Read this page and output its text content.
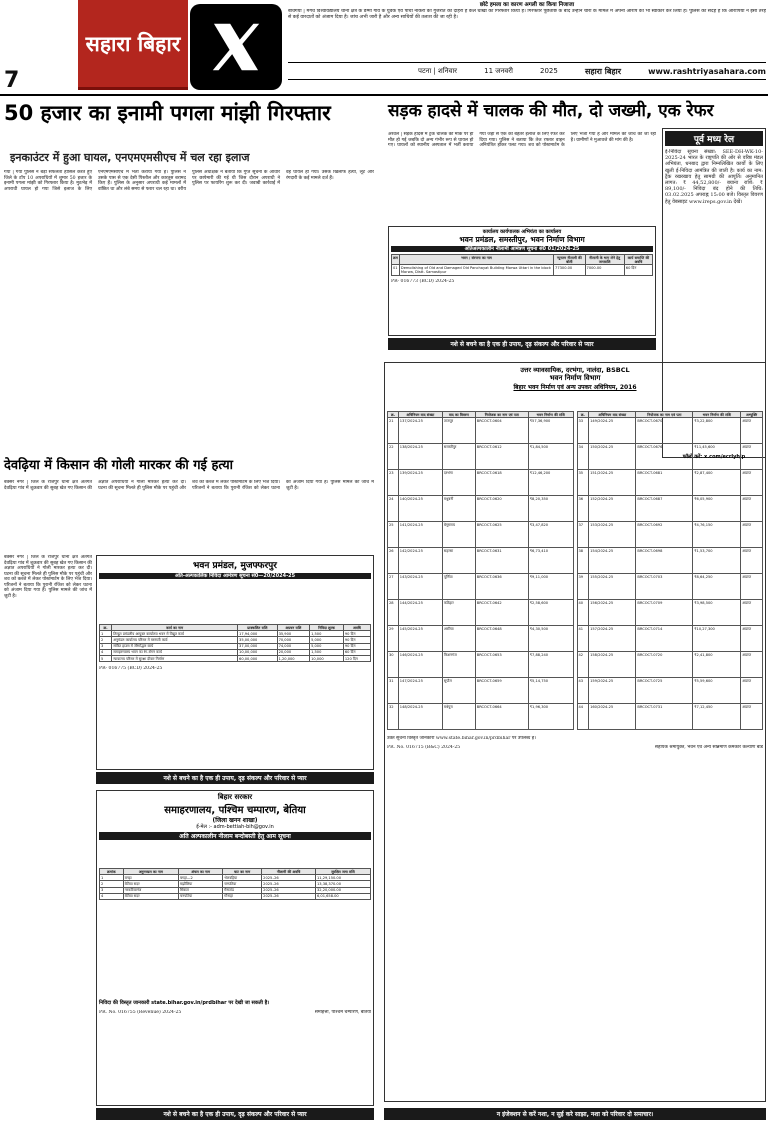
7
सहारा बिहार
छोटे हमला का कारण अगली का किया निजाजा
बोधगया | मगध विश्वविद्यालय थाना क्षेत्र के डम्मा गांव के युवक एवं पांचों नौकरी को गुजरात का दोहरा है कल धोखा को गिरफ्तार किया है। गिरफ्तार पूछताछ के बाद उन्होंने चोरी के मामले में अपनी आरोप को भी स्वीकार कर लिया है। पुलिस को संदेह है कि आरोपियों ने इसी तरह से कई वारदातों को अंजाम दिया है। जांच अभी जारी है और अन्य साथियों की तलाश की जा रही है।
पटना | शनिवार	11 जनवरी	2025	सहारा बिहार	www.rashtriyasahara.com
50 हजार का इनामी पगला मांझी गिरफ्तार
इनकाउंटर में हुआ घायल, एनएमएमसीएच में चल रहा इलाज
गया | गया पुलिस ने बड़ी सफलता हासिल करते हुए जिले के टॉप 10 अपराधियों में शुमार 50 हजार के इनामी पगला मांझी को गिरफ्तार किया है। मुठभेड़ में अपराधी घायल हो गया जिसे इलाज के लिए एनएमएमसीएच में भर्ती कराया गया है। पुलिस ने उसके पास से एक देसी पिस्तौल और कारतूस बरामद किए हैं। पुलिस के अनुसार अपराधी कई मामलों में वांछित था और लंबे समय से फरार चल रहा था। वरीय पुलिस अधीक्षक ने बताया कि गुप्त सूचना के आधार पर छापेमारी की गई थी जिस दौरान अपराधी ने पुलिस पर फायरिंग शुरू कर दी। जवाबी कार्रवाई में वह घायल हो गया। उसके खिलाफ हत्या, लूट और रंगदारी के कई मामले दर्ज हैं।
देवढ़िया में किसान की गोली मारकर की गई हत्या
बक्सर नगर | जिले के राजपुर थाना क्षेत्र अंतर्गत देवढ़िया गांव में शुक्रवार की सुबह खेत गए किसान की अज्ञात अपराधियों ने गोली मारकर हत्या कर दी। घटना की सूचना मिलते ही पुलिस मौके पर पहुंची और शव को कब्जे में लेकर पोस्टमार्टम के लिए भेज दिया। परिजनों ने बताया कि पुरानी रंजिश को लेकर घटना को अंजाम दिया गया है। पुलिस मामले की जांच में जुटी है।
सड़क हादसे में चालक की मौत, दो जख्मी, एक रेफर
अरवल | सड़क हादसे में ट्रक चालक की मौके पर ही मौत हो गई जबकि दो अन्य गंभीर रूप से घायल हो गए। घायलों को स्थानीय अस्पताल में भर्ती कराया गया जहां से एक को बेहतर इलाज के लिए रेफर कर दिया गया। पुलिस ने बताया कि तेज रफ्तार वाहन अनियंत्रित होकर पलट गया। शव को पोस्टमार्टम के लिए भेजा गया है और मामले की जांच की जा रही है। ग्रामीणों ने मुआवजे की मांग की है।	पूर्व मध्य रेल
ई-निविदा सूचना संख्या: SEE-DH-WK-10-2025-24 भारत के राष्ट्रपति की ओर से वरिष्ठ मंडल अभियंता, धनबाद द्वारा निम्नलिखित कार्यों के लिए खुली ई-निविदा आमंत्रित की जाती है। कार्य का नाम: ट्रैक रखरखाव हेतु सामग्री की आपूर्ति। अनुमानित लागत: ₹ 44,52,800/- बयाना राशि: ₹ 89,100/- निविदा बंद होने की तिथि: 03.02.2025 अपराह्न 15:00 बजे। विस्तृत विवरण हेतु वेबसाइट www.ireps.gov.in देखें।
फॉलो करें: x.com/ecrlyhjp
कार्यालय कार्यपालक अभियंता का कार्यालय
भवन प्रमंडल, समस्तीपुर, भवन निर्माण विभाग
अतिअल्पकालीन नीलामी आमंत्रण सूचना सं0 01/2024-25
क्रम	भवन / संरचना का नाम	न्यूनतम नीलामी की बोली	नीलामी के भाग लेने हेतु जमाराशि	कार्य समाप्ति की अवधि
01	Demolishing of Old and Damaged Old Panchayat Building Morwa Uttari in the block Morwa, Distt. Samastipur	77300.00	7000.00	60 दिन
PR- 016773 (BCD) 2024-25
नशे से बचने का है एक ही उपाय, दृढ़ संकल्प और परिवार से प्यार
भवन प्रमंडल, मुजफ्फरपुर
अति-अल्पकालिक निविदा आमंत्रण सूचना सं0—20/2024-25
क्र.	कार्य का नाम	प्राक्कलित राशि	अग्रधन राशि	निविदा शुल्क	अवधि
1	तिरहुत प्रमंडलीय आयुक्त कार्यालय भवन में विद्युत कार्य	17,94,000	35,900	1,500	90 दिन
2	अनुमंडल कार्यालय परिसर में मरम्मती कार्य	35,00,000	70,000	5,000	90 दिन
3	सर्किट हाउस में जीर्णोद्धार कार्य	37,00,000	74,000	5,000	90 दिन
4	समाहरणालय भवन का रंग-रोगन कार्य	10,00,000	20,000	1,500	60 दिन
5	न्यायालय परिसर में सुरक्षा दीवार निर्माण	60,00,000	1,20,000	10,000	120 दिन
PR- 016775 (BCD) 2024-25
नशे से बचने का है एक ही उपाय, दृढ़ संकल्प और परिवार से प्यार
बक्सर नगर | जिले के राजपुर थाना क्षेत्र अंतर्गत देवढ़िया गांव में शुक्रवार की सुबह खेत गए किसान की अज्ञात अपराधियों ने गोली मारकर हत्या कर दी। घटना की सूचना मिलते ही पुलिस मौके पर पहुंची और शव को कब्जे में लेकर पोस्टमार्टम के लिए भेज दिया। परिजनों ने बताया कि पुरानी रंजिश को लेकर घटना को अंजाम दिया गया है। पुलिस मामले की जांच में जुटी है।
बिहार सरकार
समाहरणालय, पश्चिम चम्पारण, बेतिया
(जिला खनन शाखा)
ई-मेल :- adm-bettiah-bih@gov.in
अति अल्पकालीन नीलाम बन्दोबस्ती हेतु आम सूचना
क्रमांक	अनुमण्डल का नाम	अंचल का नाम	घाट का नाम	नीलामी की अवधि	सुरक्षित जमा राशि
1	बगहा	बगहा—2	भेलवहिया	2025–26	11,29,150.00
2	बेतिया सदर	मझौलिया	चनपटिया	2025–26	13,38,370.00
3	नरकटियागंज	सिकटा	मैनाटांड	2025–26	32,20,000.00
4	बेतिया सदर	चनपटिया	गौनाहा	2025–26	6,01,658.00
निविदा की विस्तृत जानकारी state.bihar.gov.in/prdbihar पर देखी जा सकती है।
PR. No. 016755 (Revenue) 2024-25	समाहर्त्ता, पश्चिम चम्पारण, बेतिया
नशे से बचने का है एक ही उपाय, दृढ़ संकल्प और परिवार से प्यार
उत्तर व्यावसायिक, दरभंगा, नालंदा, BSBCL
भवन निर्माण विभाग
बिहार भवन निर्माण एवं अन्य उपकर अधिनियम, 2016
क्र.	अधिनियम वाद संख्या	वाद का विवरण	नियोजक का नाम एवं पता	भवन निर्माण की राशि
21	137/2024-25	ताजपुर	BRCOCT-0604	₹57,36,900
22	138/2024-25	समस्तीपुर	BRCOCT-0612	₹1,84,500
23	139/2024-25	दरभंगा	BRCOCT-0618	₹12,46,200
24	140/2024-25	मधुबनी	BRCOCT-0620	₹8,20,350
25	141/2024-25	बेगूसराय	BRCOCT-0625	₹3,47,820
26	142/2024-25	सहरसा	BRCOCT-0631	₹6,73,410
27	143/2024-25	पूर्णिया	BRCOCT-0636	₹9,11,000
28	144/2024-25	कटिहार	BRCOCT-0642	₹2,58,600
29	145/2024-25	अररिया	BRCOCT-0648	₹4,30,500
30	146/2024-25	किशनगंज	BRCOCT-0653	₹7,88,240
31	147/2024-25	सुपौल	BRCOCT-0659	₹5,14,750
32	148/2024-25	मधेपुरा	BRCOCT-0664	₹1,96,300
क्र.	अधिनियम वाद संख्या	नियोजक का नाम एवं पता	भवन निर्माण की राशि	अभ्युक्ति
33	149/2024-25	BRCOCT-0670	₹3,22,800	अप्राप्त
34	150/2024-25	BRCOCT-0676	₹11,45,600	अप्राप्त
35	151/2024-25	BRCOCT-0681	₹2,87,400	अप्राप्त
36	152/2024-25	BRCOCT-0687	₹6,05,900	अप्राप्त
37	153/2024-25	BRCOCT-0692	₹4,76,150	अप्राप्त
38	154/2024-25	BRCOCT-0698	₹1,53,700	अप्राप्त
39	155/2024-25	BRCOCT-0703	₹8,64,250	अप्राप्त
40	156/2024-25	BRCOCT-0709	₹3,98,500	अप्राप्त
41	157/2024-25	BRCOCT-0714	₹10,27,300	अप्राप्त
42	158/2024-25	BRCOCT-0720	₹2,41,800	अप्राप्त
43	159/2024-25	BRCOCT-0725	₹5,59,600	अप्राप्त
44	160/2024-25	BRCOCT-0731	₹7,12,450	अप्राप्त
उक्त सूचना विस्तृत जानकारी www.state.bihar.gov.in/prdbihar पर उपलब्ध है।
PR. No. 016715 (B&C) 2024-25	सहायक श्रमायुक्त, भवन एवं अन्य सन्निर्माण कर्मकार कल्याण बोर्ड
न इंजेक्शन से करें नशा, न सुई करे साझा, नशा को परिवार दो समाचार।
